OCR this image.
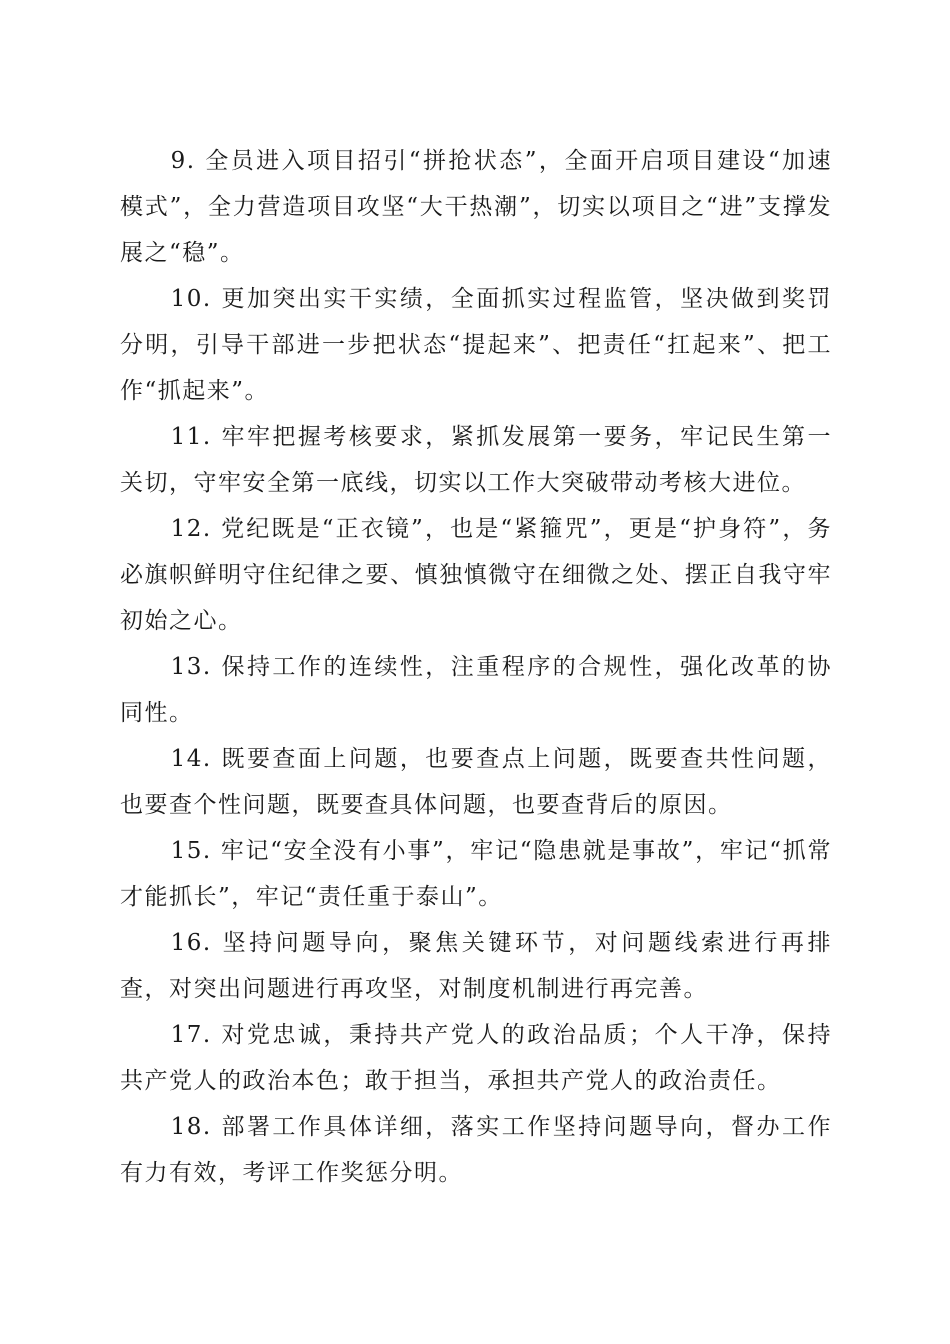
9. 全员进入项目招引“拼抢状态”，全面开启项目建设“加速模式”，全力营造项目攻坚“大干热潮”，切实以项目之“进”支撑发展之“稳”。

10. 更加突出实干实绩，全面抓实过程监管，坚决做到奖罚分明，引导干部进一步把状态“提起来”、把责任“扛起来”、把工作“抓起来”。

11. 牢牢把握考核要求，紧抓发展第一要务，牢记民生第一关切，守牢安全第一底线，切实以工作大突破带动考核大进位。

12. 党纪既是“正衣镜”，也是“紧箍咒”，更是“护身符”，务必旗帜鲜明守住纪律之要、慎独慎微守在细微之处、摆正自我守牢初始之心。

13. 保持工作的连续性，注重程序的合规性，强化改革的协同性。

14. 既要查面上问题，也要查点上问题，既要查共性问题，也要查个性问题，既要查具体问题，也要查背后的原因。

15. 牢记“安全没有小事”，牢记“隐患就是事故”，牢记“抓常才能抓长”，牢记“责任重于泰山”。

16. 坚持问题导向，聚焦关键环节，对问题线索进行再排查，对突出问题进行再攻坚，对制度机制进行再完善。

17. 对党忠诚，秉持共产党人的政治品质；个人干净，保持共产党人的政治本色；敢于担当，承担共产党人的政治责任。

18. 部署工作具体详细，落实工作坚持问题导向，督办工作有力有效，考评工作奖惩分明。
